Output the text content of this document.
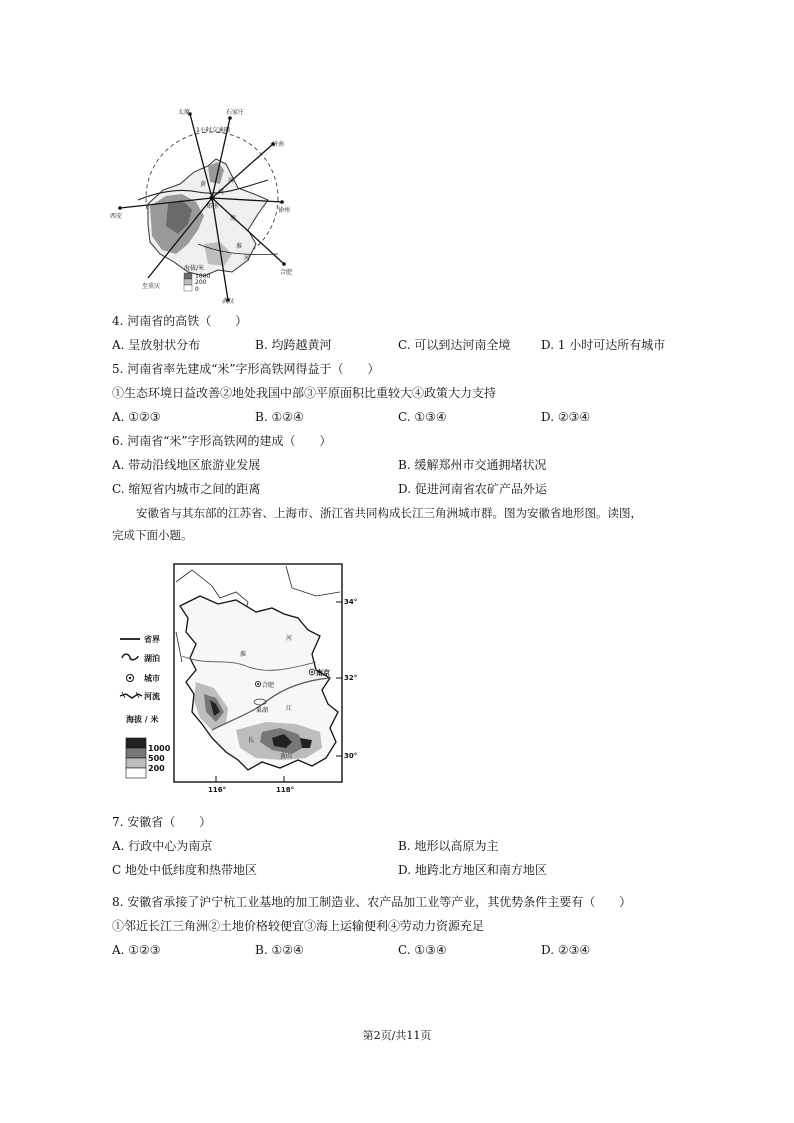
太原	石家庄
济南
西安
徐州
郑州
合肥
至重庆
武汉
1小时交通圈
河
南
黄
河
淮
河
海拔/米
1000
200
0
4. 河南省的高铁（　　）
A. 呈放射状分布	B. 均跨越黄河	C. 可以到达河南全境	D. 1 小时可达所有城市
5. 河南省率先建成“米”字形高铁网得益于（　　）
①生态环境日益改善②地处我国中部③平原面积比重较大④政策大力支持
A. ①②③	B. ①②④	C. ①③④	D. ②③④
6. 河南省“米”字形高铁网的建成（　　）
A. 带动沿线地区旅游业发展	B. 缓解郑州市交通拥堵状况
C. 缩短省内城市之间的距离	D. 促进河南省农矿产品外运
安徽省与其东部的江苏省、上海市、浙江省共同构成长江三角洲城市群。图为安徽省地形图。读图，
完成下面小题。
南京
合肥
巢湖
黄山
淮
河
长
江
34°
32°
30°
116°	118°
省界
湖泊
城市
河流
海拔 / 米
1000
500
200
7. 安徽省（　　）
A. 行政中心为南京	B. 地形以高原为主
C 地处中低纬度和热带地区	D. 地跨北方地区和南方地区
8. 安徽省承接了沪宁杭工业基地的加工制造业、农产品加工业等产业，其优势条件主要有（　　）
①邻近长江三角洲②土地价格较便宜③海上运输便利④劳动力资源充足
A. ①②③	B. ①②④	C. ①③④	D. ②③④
第2页/共11页
